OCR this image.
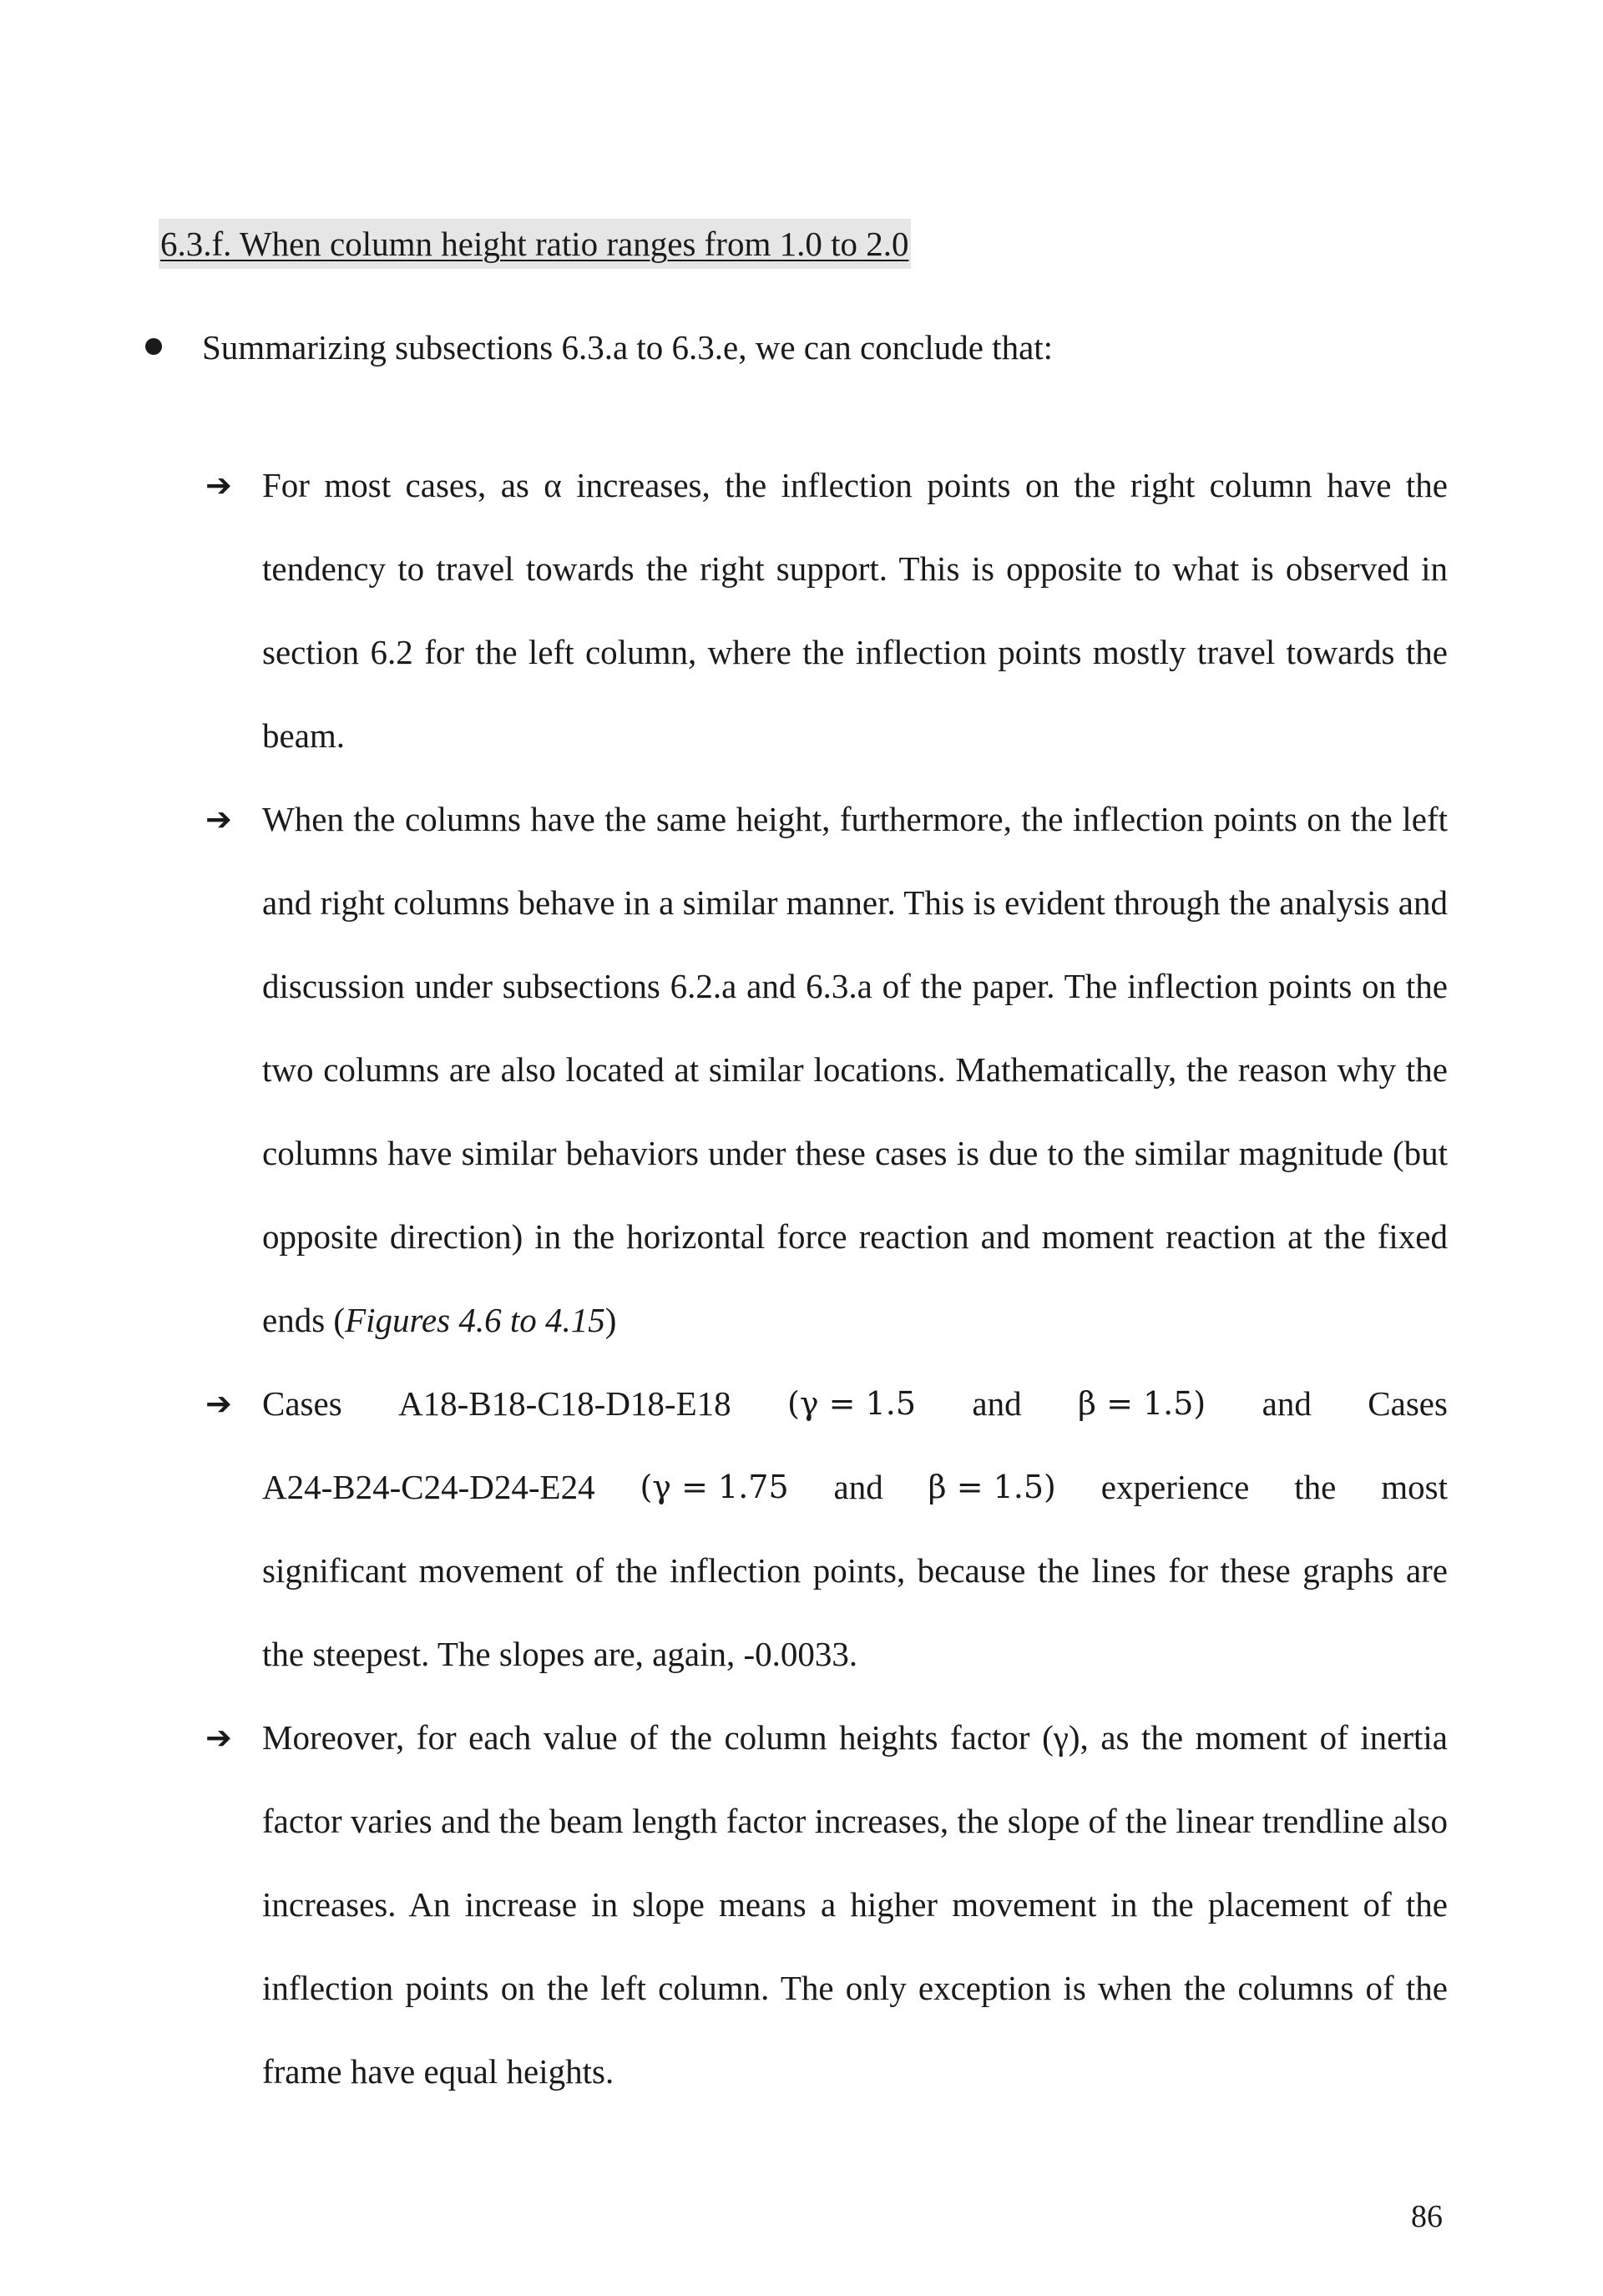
6.3.f. When column height ratio ranges from 1.0 to 2.0
Summarizing subsections 6.3.a to 6.3.e, we can conclude that:
➔ For most cases, as α increases, the inflection points on the right column have the tendency to travel towards the right support. This is opposite to what is observed in section 6.2 for the left column, where the inflection points mostly travel towards the beam.
➔ When the columns have the same height, furthermore, the inflection points on the left and right columns behave in a similar manner. This is evident through the analysis and discussion under subsections 6.2.a and 6.3.a of the paper. The inflection points on the two columns are also located at similar locations. Mathematically, the reason why the columns have similar behaviors under these cases is due to the similar magnitude (but opposite direction) in the horizontal force reaction and moment reaction at the fixed ends (Figures 4.6 to 4.15)
➔ Cases A18-B18-C18-D18-E18 (γ = 1.5 and β = 1.5) and Cases
A24-B24-C24-D24-E24 (γ = 1.75 and β = 1.5) experience the most
significant movement of the inflection points, because the lines for these graphs are the steepest. The slopes are, again, -0.0033.
➔ Moreover, for each value of the column heights factor (γ), as the moment of inertia factor varies and the beam length factor increases, the slope of the linear trendline also increases. An increase in slope means a higher movement in the placement of the inflection points on the left column. The only exception is when the columns of the frame have equal heights.
86
